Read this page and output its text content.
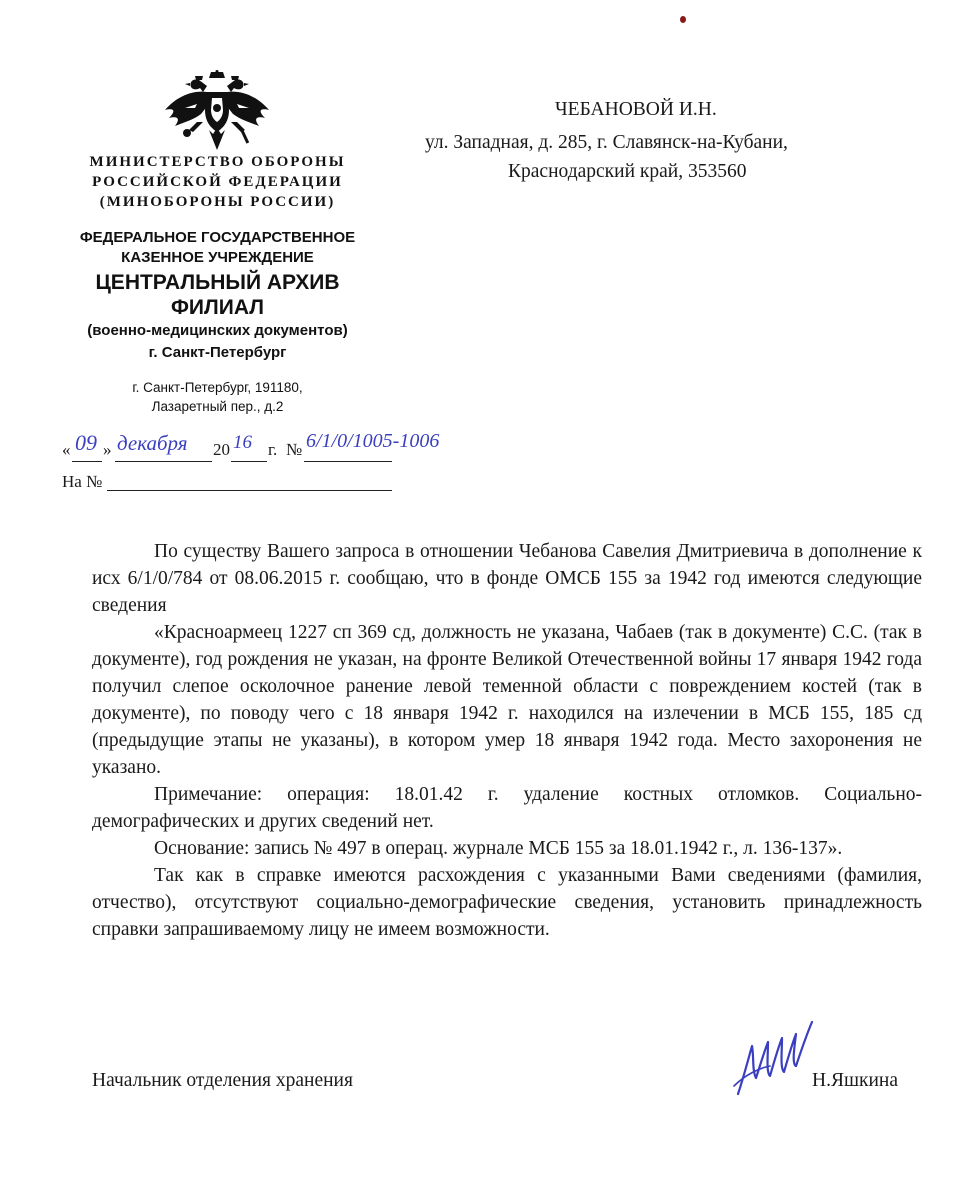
МИНИСТЕРСТВО ОБОРОНЫ
РОССИЙСКОЙ ФЕДЕРАЦИИ
(МИНОБОРОНЫ РОССИИ)
ФЕДЕРАЛЬНОЕ ГОСУДАРСТВЕННОЕ
КАЗЕННОЕ УЧРЕЖДЕНИЕ
ЦЕНТРАЛЬНЫЙ АРХИВ
ФИЛИАЛ
(военно-медицинских документов)
г. Санкт-Петербург
г. Санкт-Петербург, 191180,
Лазаретный пер., д.2
ЧЕБАНОВОЙ И.Н.
ул. Западная, д. 285, г. Славянск-на-Кубани,
Краснодарский край, 353560
« 09 » декабря 20 16 г. № 6/1/0/1005-1006
На №

По существу Вашего запроса в отношении Чебанова Савелия Дмитриевича в дополнение к исх 6/1/0/784 от 08.06.2015 г. сообщаю, что в фонде ОМСБ 155 за 1942 год имеются следующие сведения

«Красноармеец 1227 сп 369 сд, должность не указана, Чабаев (так в документе) С.С. (так в документе), год рождения не указан, на фронте Великой Отечественной войны 17 января 1942 года получил слепое осколочное ранение левой теменной области с повреждением костей (так в документе), по поводу чего с 18 января 1942 г. находился на излечении в МСБ 155, 185 сд (предыдущие этапы не указаны), в котором умер 18 января 1942 года. Место захоронения не указано.

Примечание: операция: 18.01.42 г. удаление костных отломков. Социально-демографических и других сведений нет.

Основание: запись № 497 в операц. журнале МСБ 155 за 18.01.1942 г., л. 136-137».

Так как в справке имеются расхождения с указанными Вами сведениями (фамилия, отчество), отсутствуют социально-демографические сведения, установить принадлежность справки запрашиваемому лицу не имеем возможности.

Начальник отделения хранения	Н.Яшкина
